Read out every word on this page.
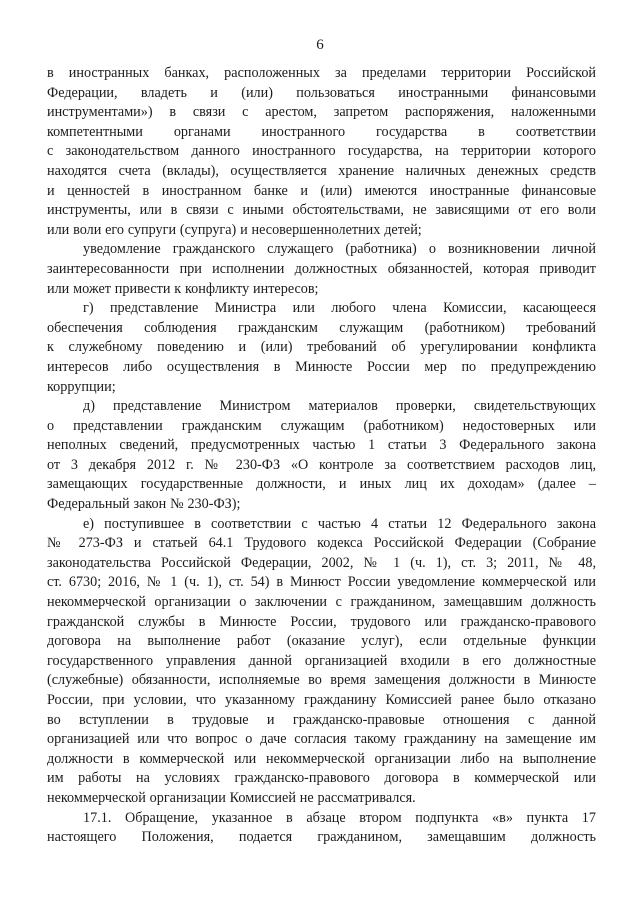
6
в иностранных банках, расположенных за пределами территории Российской
Федерации, владеть и (или) пользоваться иностранными финансовыми
инструментами») в связи с арестом, запретом распоряжения, наложенными
компетентными органами иностранного государства в соответствии
с законодательством данного иностранного государства, на территории которого
находятся счета (вклады), осуществляется хранение наличных денежных средств
и ценностей в иностранном банке и (или) имеются иностранные финансовые
инструменты, или в связи с иными обстоятельствами, не зависящими от его воли
или воли его супруги (супруга) и несовершеннолетних детей;
уведомление гражданского служащего (работника) о возникновении личной
заинтересованности при исполнении должностных обязанностей, которая приводит
или может привести к конфликту интересов;
г) представление Министра или любого члена Комиссии, касающееся
обеспечения соблюдения гражданским служащим (работником) требований
к служебному поведению и (или) требований об урегулировании конфликта
интересов либо осуществления в Минюсте России мер по предупреждению
коррупции;
д) представление Министром материалов проверки, свидетельствующих
о представлении гражданским служащим (работником) недостоверных или
неполных сведений, предусмотренных частью 1 статьи 3 Федерального закона
от 3 декабря 2012 г. № 230-ФЗ «О контроле за соответствием расходов лиц,
замещающих государственные должности, и иных лиц их доходам» (далее –
Федеральный закон № 230-ФЗ);
е) поступившее в соответствии с частью 4 статьи 12 Федерального закона
№ 273-ФЗ и статьей 64.1 Трудового кодекса Российской Федерации (Собрание
законодательства Российской Федерации, 2002, № 1 (ч. 1), ст. 3; 2011, № 48,
ст. 6730; 2016, № 1 (ч. 1), ст. 54) в Минюст России уведомление коммерческой или
некоммерческой организации о заключении с гражданином, замещавшим должность
гражданской службы в Минюсте России, трудового или гражданско-правового
договора на выполнение работ (оказание услуг), если отдельные функции
государственного управления данной организацией входили в его должностные
(служебные) обязанности, исполняемые во время замещения должности в Минюсте
России, при условии, что указанному гражданину Комиссией ранее было отказано
во вступлении в трудовые и гражданско-правовые отношения с данной
организацией или что вопрос о даче согласия такому гражданину на замещение им
должности в коммерческой или некоммерческой организации либо на выполнение
им работы на условиях гражданско-правового договора в коммерческой или
некоммерческой организации Комиссией не рассматривался.
17.1. Обращение, указанное в абзаце втором подпункта «в» пункта 17
настоящего Положения, подается гражданином, замещавшим должность
